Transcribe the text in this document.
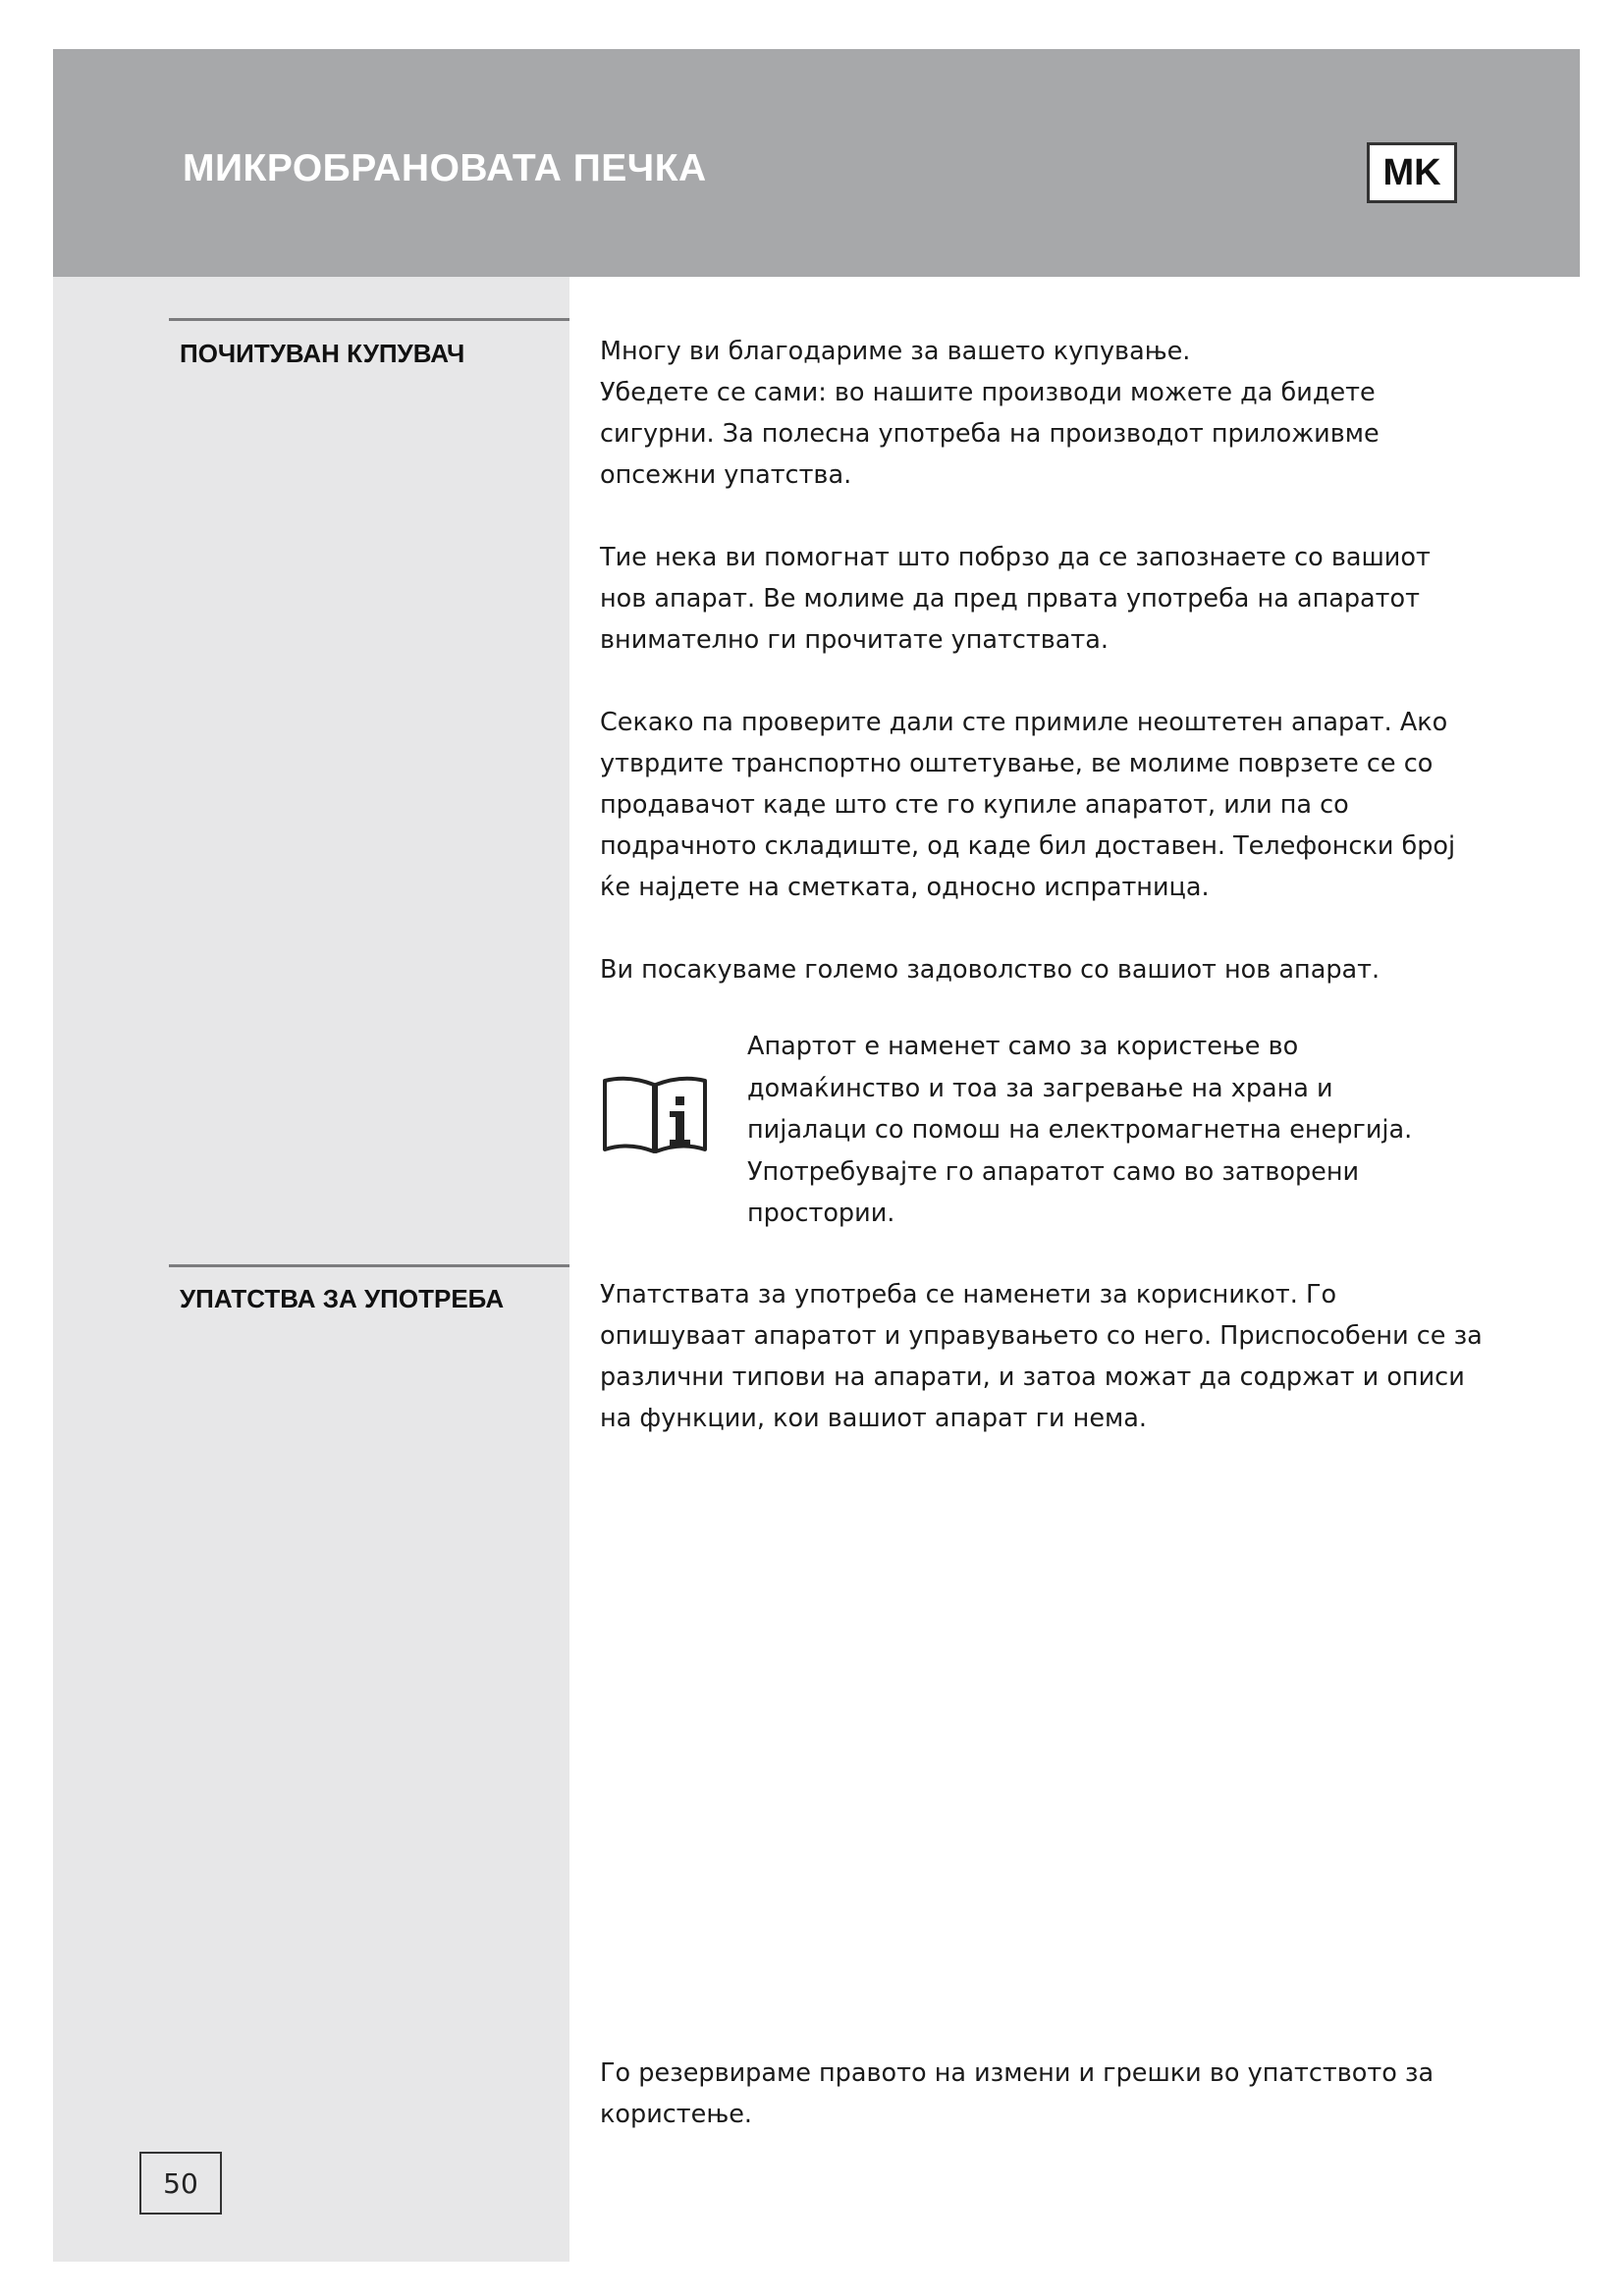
МИКРОБРАНОВАТА ПЕЧКА	MK
ПОЧИТУВАН КУПУВАЧ	Многу ви благодариме за вашето купување.
Убедете се сами: во нашите производи можете да бидете сигурни. За полесна употреба на производот приложивме опсежни упатства.

Тие нека ви помогнат што побрзо да се запознаете со вашиот нов апарат. Ве молиме да пред првата употреба на апаратот внимателно ги прочитате упатствата.

Секако па проверите дали сте примиле неоштетен апарат. Ако утврдите транспортно оштетување, ве молиме поврзете се со продавачот каде што сте го купиле апаратот, или па со подрачното складиште, од каде бил доставен. Телефонски број ќе најдете на сметката, односно испратница.

Ви посакуваме големо задоволство со вашиот нов апарат.

Апартот е наменет само за користење во домаќинство и тоа за загревање на храна и пијалаци со помош на електромагнетна енергија. Употребувајте го апаратот само во затворени простории.
УПАТСТВА ЗА УПОТРЕБА	Упатствата за употреба се наменети за корисникот. Го опишуваат апаратот и управувањето со него. Приспособени се за различни типови на апарати, и затоа можат да содржат и описи на функции, кои вашиот апарат ги нема.

Го резервираме правото на измени и грешки во упатството за користење.

50
